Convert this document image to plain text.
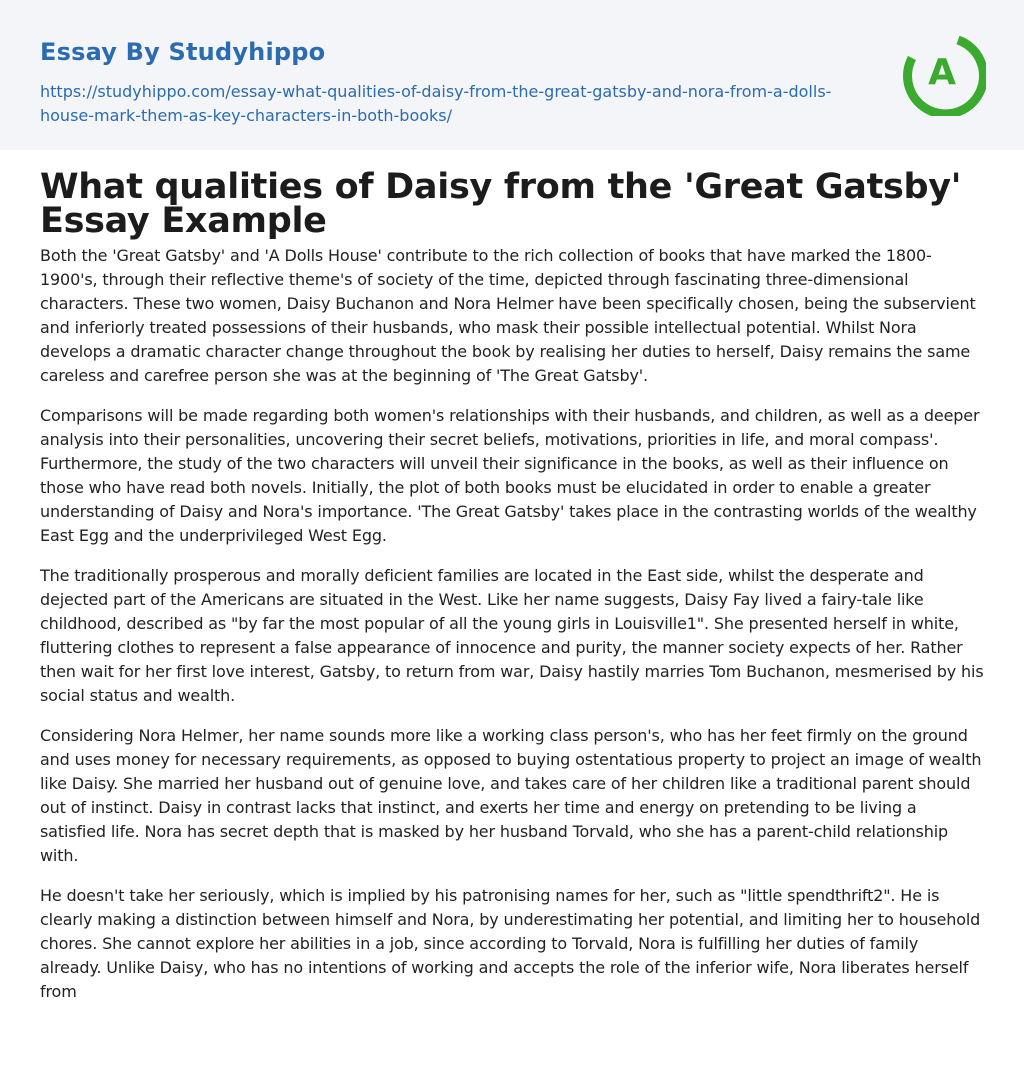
Essay By Studyhippo
https://studyhippo.com/essay-what-qualities-of-daisy-from-the-great-gatsby-and-nora-from-a-dolls-house-mark-them-as-key-characters-in-both-books/
A
What qualities of Daisy from the 'Great Gatsby' Essay Example

Both the 'Great Gatsby' and 'A Dolls House' contribute to the rich collection of books that have marked the 1800-1900's, through their reflective theme's of society of the time, depicted through fascinating three-dimensional characters. These two women, Daisy Buchanon and Nora Helmer have been specifically chosen, being the subservient and inferiorly treated possessions of their husbands, who mask their possible intellectual potential. Whilst Nora develops a dramatic character change throughout the book by realising her duties to herself, Daisy remains the same careless and carefree person she was at the beginning of 'The Great Gatsby'.

Comparisons will be made regarding both women's relationships with their husbands, and children, as well as a deeper analysis into their personalities, uncovering their secret beliefs, motivations, priorities in life, and moral compass'. Furthermore, the study of the two characters will unveil their significance in the books, as well as their influence on those who have read both novels. Initially, the plot of both books must be elucidated in order to enable a greater understanding of Daisy and Nora's importance. 'The Great Gatsby' takes place in the contrasting worlds of the wealthy East Egg and the underprivileged West Egg.

The traditionally prosperous and morally deficient families are located in the East side, whilst the desperate and dejected part of the Americans are situated in the West. Like her name suggests, Daisy Fay lived a fairy-tale like childhood, described as "by far the most popular of all the young girls in Louisville1". She presented herself in white, fluttering clothes to represent a false appearance of innocence and purity, the manner society expects of her. Rather then wait for her first love interest, Gatsby, to return from war, Daisy hastily marries Tom Buchanon, mesmerised by his social status and wealth.

Considering Nora Helmer, her name sounds more like a working class person's, who has her feet firmly on the ground and uses money for necessary requirements, as opposed to buying ostentatious property to project an image of wealth like Daisy. She married her husband out of genuine love, and takes care of her children like a traditional parent should out of instinct. Daisy in contrast lacks that instinct, and exerts her time and energy on pretending to be living a satisfied life. Nora has secret depth that is masked by her husband Torvald, who she has a parent-child relationship with.

He doesn't take her seriously, which is implied by his patronising names for her, such as "little spendthrift2". He is clearly making a distinction between himself and Nora, by underestimating her potential, and limiting her to household chores. She cannot explore her abilities in a job, since according to Torvald, Nora is fulfilling her duties of family already. Unlike Daisy, who has no intentions of working and accepts the role of the inferior wife, Nora liberates herself from
